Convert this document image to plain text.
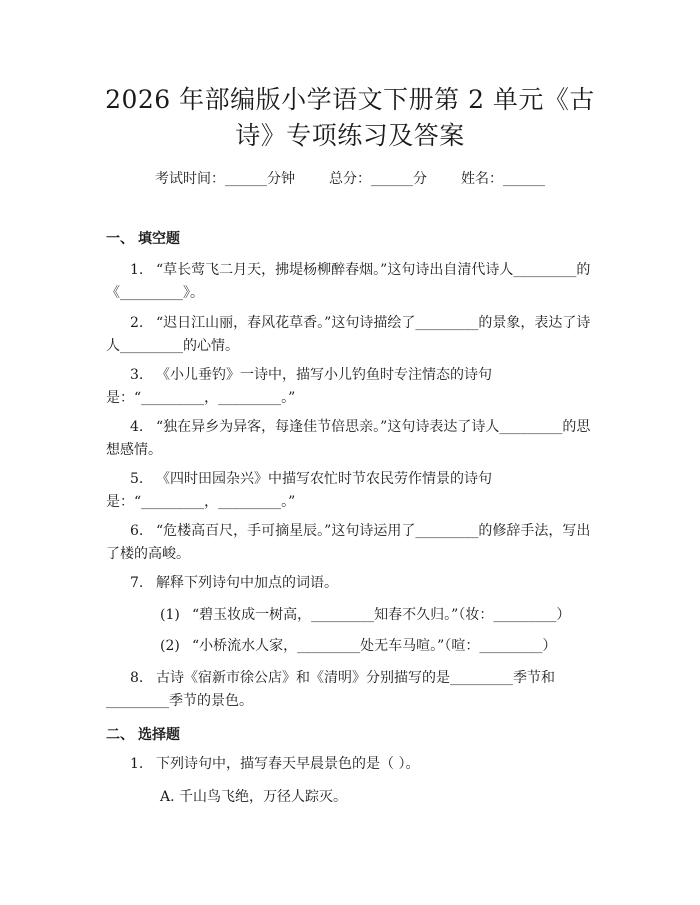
2026 年部编版小学语文下册第 2 单元《古
诗》专项练习及答案
考试时间：______分钟 总分：______分 姓名：______
一、 填空题
1. “草长莺飞二月天，拂堤杨柳醉春烟。”这句诗出自清代诗人_________的《_________》。
2. “迟日江山丽，春风花草香。”这句诗描绘了_________的景象，表达了诗人_________的心情。
3. 《小儿垂钓》一诗中，描写小儿钓鱼时专注情态的诗句是：“_________，_________。”
4. “独在异乡为异客，每逢佳节倍思亲。”这句诗表达了诗人_________的思想感情。
5. 《四时田园杂兴》中描写农忙时节农民劳作情景的诗句是：“_________，_________。”
6. “危楼高百尺，手可摘星辰。”这句诗运用了_________的修辞手法，写出了楼的高峻。
7. 解释下列诗句中加点的词语。
(1) “碧玉妆成一树高，_________知春不久归。”（妆：_________）
(2) “小桥流水人家，_________处无车马喧。”（喧：_________）
8. 古诗《宿新市徐公店》和《清明》分别描写的是_________季节和_________季节的景色。
二、 选择题
1. 下列诗句中，描写春天早晨景色的是（ ）。
A. 千山鸟飞绝，万径人踪灭。
